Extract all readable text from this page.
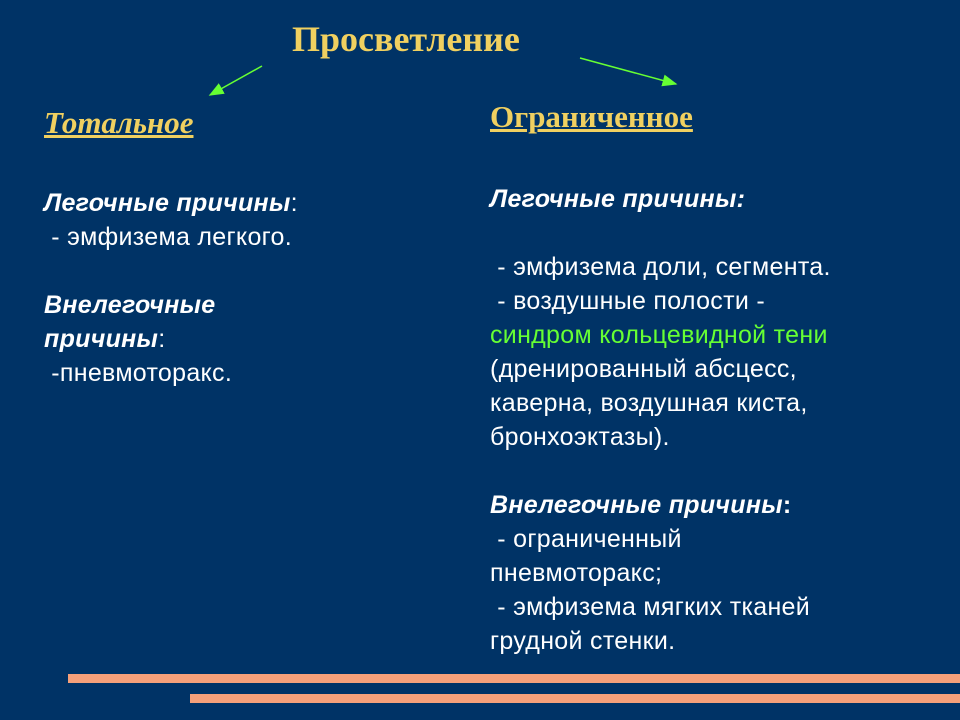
Просветление
Тотальное

Легочные причины:

- эмфизема легкого.

Внелегочные

причины:

-пневмоторакс.

Ограниченное

Легочные причины:

- эмфизема доли, сегмента.

- воздушные полости -

синдром кольцевидной тени

(дренированный абсцесс,

каверна, воздушная киста,

бронхоэктазы).

Внелегочные причины:

- ограниченный

пневмоторакс;

- эмфизема мягких тканей

грудной стенки.
